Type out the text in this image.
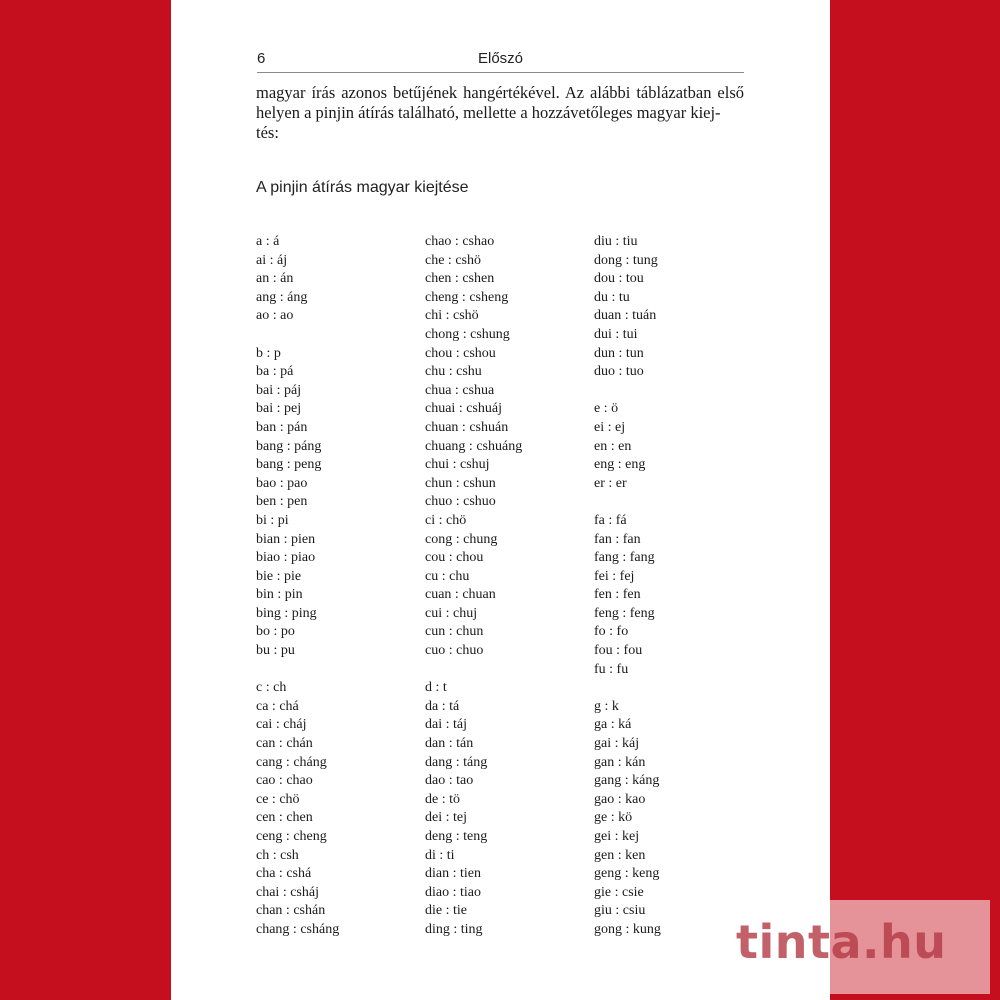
6	Előszó

magyar írás azonos betűjének hangértékével. Az alábbi táblázatban első helyen a pinjin átírás található, mellette a hozzávetőleges magyar kiej-

tés:

A pinjin átírás magyar kiejtése
a : á
ai : áj
an : án
ang : áng
ao : ao
b : p
ba : pá
bai : páj
bai : pej
ban : pán
bang : páng
bang : peng
bao : pao
ben : pen
bi : pi
bian : pien
biao : piao
bie : pie
bin : pin
bing : ping
bo : po
bu : pu
c : ch
ca : chá
cai : cháj
can : chán
cang : cháng
cao : chao
ce : chö
cen : chen
ceng : cheng
ch : csh
cha : cshá
chai : csháj
chan : cshán
chang : csháng
chao : cshao
che : cshö
chen : cshen
cheng : csheng
chi : cshö
chong : cshung
chou : cshou
chu : cshu
chua : cshua
chuai : cshuáj
chuan : cshuán
chuang : cshuáng
chui : cshuj
chun : cshun
chuo : cshuo
ci : chö
cong : chung
cou : chou
cu : chu
cuan : chuan
cui : chuj
cun : chun
cuo : chuo
d : t
da : tá
dai : táj
dan : tán
dang : táng
dao : tao
de : tö
dei : tej
deng : teng
di : ti
dian : tien
diao : tiao
die : tie
ding : ting
diu : tiu
dong : tung
dou : tou
du : tu
duan : tuán
dui : tui
dun : tun
duo : tuo
e : ö
ei : ej
en : en
eng : eng
er : er
fa : fá
fan : fan
fang : fang
fei : fej
fen : fen
feng : feng
fo : fo
fou : fou
fu : fu
g : k
ga : ká
gai : káj
gan : kán
gang : káng
gao : kao
ge : kö
gei : kej
gen : ken
geng : keng
gie : csie
giu : csiu
gong : kung tinta.hu
